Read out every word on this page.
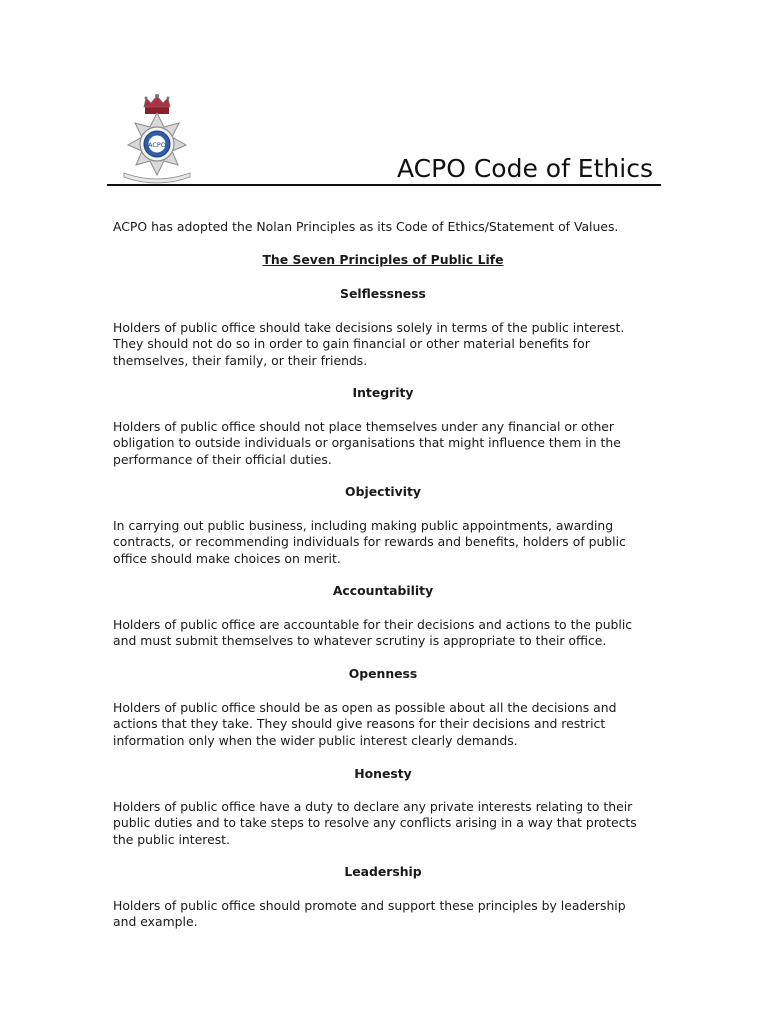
ACPO
ACPO Code of Ethics

ACPO has adopted the Nolan Principles as its Code of Ethics/Statement of Values.

The Seven Principles of Public Life
Selflessness
Holders of public office should take decisions solely in terms of the public interest.
They should not do so in order to gain financial or other material benefits for
themselves, their family, or their friends.
Integrity
Holders of public office should not place themselves under any financial or other
obligation to outside individuals or organisations that might influence them in the
performance of their official duties.
Objectivity
In carrying out public business, including making public appointments, awarding
contracts, or recommending individuals for rewards and benefits, holders of public
office should make choices on merit.
Accountability
Holders of public office are accountable for their decisions and actions to the public
and must submit themselves to whatever scrutiny is appropriate to their office.
Openness
Holders of public office should be as open as possible about all the decisions and
actions that they take. They should give reasons for their decisions and restrict
information only when the wider public interest clearly demands.
Honesty
Holders of public office have a duty to declare any private interests relating to their
public duties and to take steps to resolve any conflicts arising in a way that protects
the public interest.
Leadership
Holders of public office should promote and support these principles by leadership
and example.
